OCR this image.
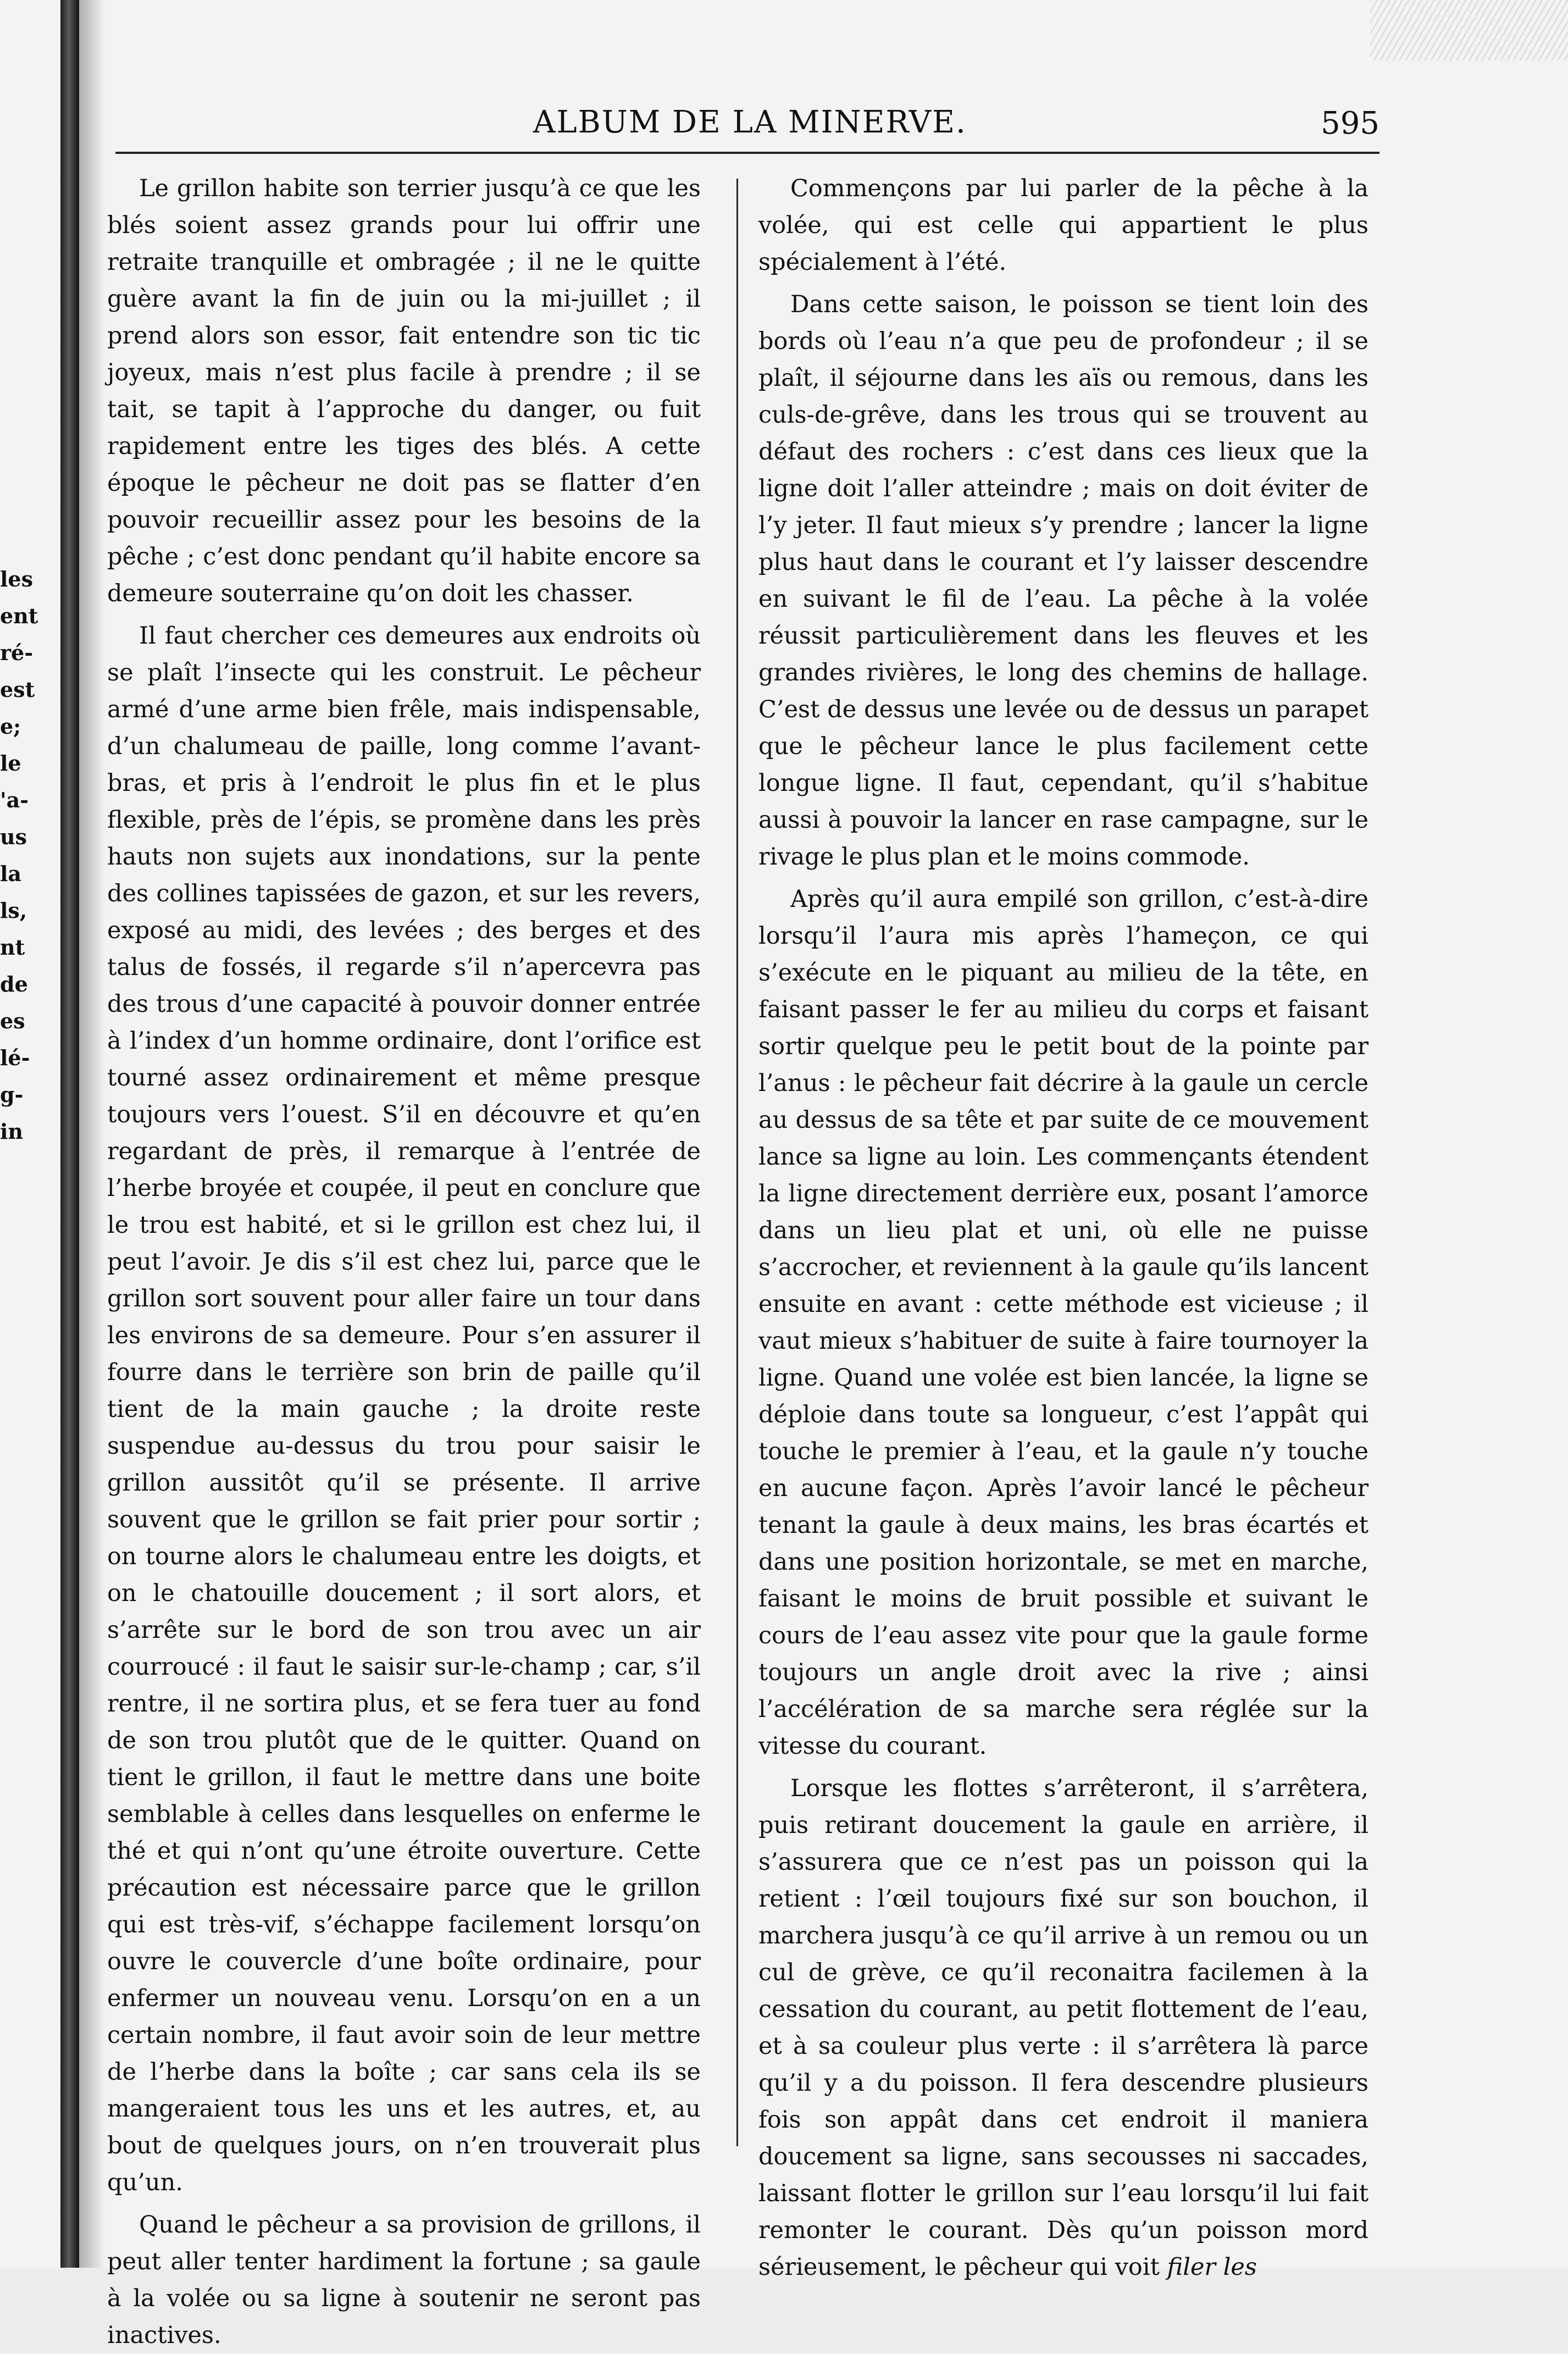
les
ent
ré-
est
e;
le
'a-
us
la
ls,
nt
de
es
lé-
g-
in
ALBUM DE LA MINERVE.	595

Le grillon habite son terrier jusqu’à ce que les blés soient assez grands pour lui offrir une retraite tranquille et ombragée ; il ne le quitte guère avant la fin de juin ou la mi-juillet ; il prend alors son essor, fait entendre son tic tic joyeux, mais n’est plus facile à prendre ; il se tait, se tapit à l’approche du danger, ou fuit rapidement entre les tiges des blés. A cette époque le pêcheur ne doit pas se flatter d’en pouvoir recueillir assez pour les besoins de la pêche ; c’est donc pendant qu’il habite encore sa demeure souterraine qu’on doit les chasser.

Il faut chercher ces demeures aux endroits où se plaît l’insecte qui les construit. Le pêcheur armé d’une arme bien frêle, mais indispensable, d’un chalumeau de paille, long comme l’avant-bras, et pris à l’endroit le plus fin et le plus flexible, près de l’épis, se promène dans les près hauts non sujets aux inondations, sur la pente des collines tapissées de gazon, et sur les revers, exposé au midi, des levées ; des berges et des talus de fossés, il regarde s’il n’apercevra pas des trous d’une capacité à pouvoir donner entrée à l’index d’un homme ordinaire, dont l’orifice est tourné assez ordinairement et même presque toujours vers l’ouest. S’il en découvre et qu’en regardant de près, il remarque à l’entrée de l’herbe broyée et coupée, il peut en conclure que le trou est habité, et si le grillon est chez lui, il peut l’avoir. Je dis s’il est chez lui, parce que le grillon sort souvent pour aller faire un tour dans les environs de sa demeure. Pour s’en assurer il fourre dans le terrière son brin de paille qu’il tient de la main gauche ; la droite reste suspendue au-dessus du trou pour saisir le grillon aussitôt qu’il se présente. Il arrive souvent que le grillon se fait prier pour sortir ; on tourne alors le chalumeau entre les doigts, et on le chatouille doucement ; il sort alors, et s’arrête sur le bord de son trou avec un air courroucé : il faut le saisir sur-le-champ ; car, s’il rentre, il ne sortira plus, et se fera tuer au fond de son trou plutôt que de le quitter. Quand on tient le grillon, il faut le mettre dans une boite semblable à celles dans lesquelles on enferme le thé et qui n’ont qu’une étroite ouverture. Cette précaution est nécessaire parce que le grillon qui est très-vif, s’échappe facilement lorsqu’on ouvre le couvercle d’une boîte ordinaire, pour enfermer un nouveau venu. Lorsqu’on en a un certain nombre, il faut avoir soin de leur mettre de l’herbe dans la boîte ; car sans cela ils se mangeraient tous les uns et les autres, et, au bout de quelques jours, on n’en trouverait plus qu’un.

Quand le pêcheur a sa provision de grillons, il peut aller tenter hardiment la fortune ; sa gaule à la volée ou sa ligne à soutenir ne seront pas inactives.

Commençons par lui parler de la pêche à la volée, qui est celle qui appartient le plus spécialement à l’été.

Dans cette saison, le poisson se tient loin des bords où l’eau n’a que peu de profondeur ; il se plaît, il séjourne dans les aïs ou remous, dans les culs-de-grêve, dans les trous qui se trouvent au défaut des rochers : c’est dans ces lieux que la ligne doit l’aller atteindre ; mais on doit éviter de l’y jeter. Il faut mieux s’y prendre ; lancer la ligne plus haut dans le courant et l’y laisser descendre en suivant le fil de l’eau. La pêche à la volée réussit particulièrement dans les fleuves et les grandes rivières, le long des chemins de hallage. C’est de dessus une levée ou de dessus un parapet que le pêcheur lance le plus facilement cette longue ligne. Il faut, cependant, qu’il s’habitue aussi à pouvoir la lancer en rase campagne, sur le rivage le plus plan et le moins commode.

Après qu’il aura empilé son grillon, c’est-à-dire lorsqu’il l’aura mis après l’hameçon, ce qui s’exécute en le piquant au milieu de la tête, en faisant passer le fer au milieu du corps et faisant sortir quelque peu le petit bout de la pointe par l’anus : le pêcheur fait décrire à la gaule un cercle au dessus de sa tête et par suite de ce mouvement lance sa ligne au loin. Les commençants étendent la ligne directement derrière eux, posant l’amorce dans un lieu plat et uni, où elle ne puisse s’accrocher, et reviennent à la gaule qu’ils lancent ensuite en avant : cette méthode est vicieuse ; il vaut mieux s’habituer de suite à faire tournoyer la ligne. Quand une volée est bien lancée, la ligne se déploie dans toute sa longueur, c’est l’appât qui touche le premier à l’eau, et la gaule n’y touche en aucune façon. Après l’avoir lancé le pêcheur tenant la gaule à deux mains, les bras écartés et dans une position horizontale, se met en marche, faisant le moins de bruit possible et suivant le cours de l’eau assez vite pour que la gaule forme toujours un angle droit avec la rive ; ainsi l’accélération de sa marche sera réglée sur la vitesse du courant.

Lorsque les flottes s’arrêteront, il s’arrêtera, puis retirant doucement la gaule en arrière, il s’assurera que ce n’est pas un poisson qui la retient : l’œil toujours fixé sur son bouchon, il marchera jusqu’à ce qu’il arrive à un remou ou un cul de grève, ce qu’il reconaitra facilemen à la cessation du courant, au petit flottement de l’eau, et à sa couleur plus verte : il s’arrêtera là parce qu’il y a du poisson. Il fera descendre plusieurs fois son appât dans cet endroit il maniera doucement sa ligne, sans secousses ni saccades, laissant flotter le grillon sur l’eau lorsqu’il lui fait remonter le courant. Dès qu’un poisson mord sérieusement, le pêcheur qui voit filer les
